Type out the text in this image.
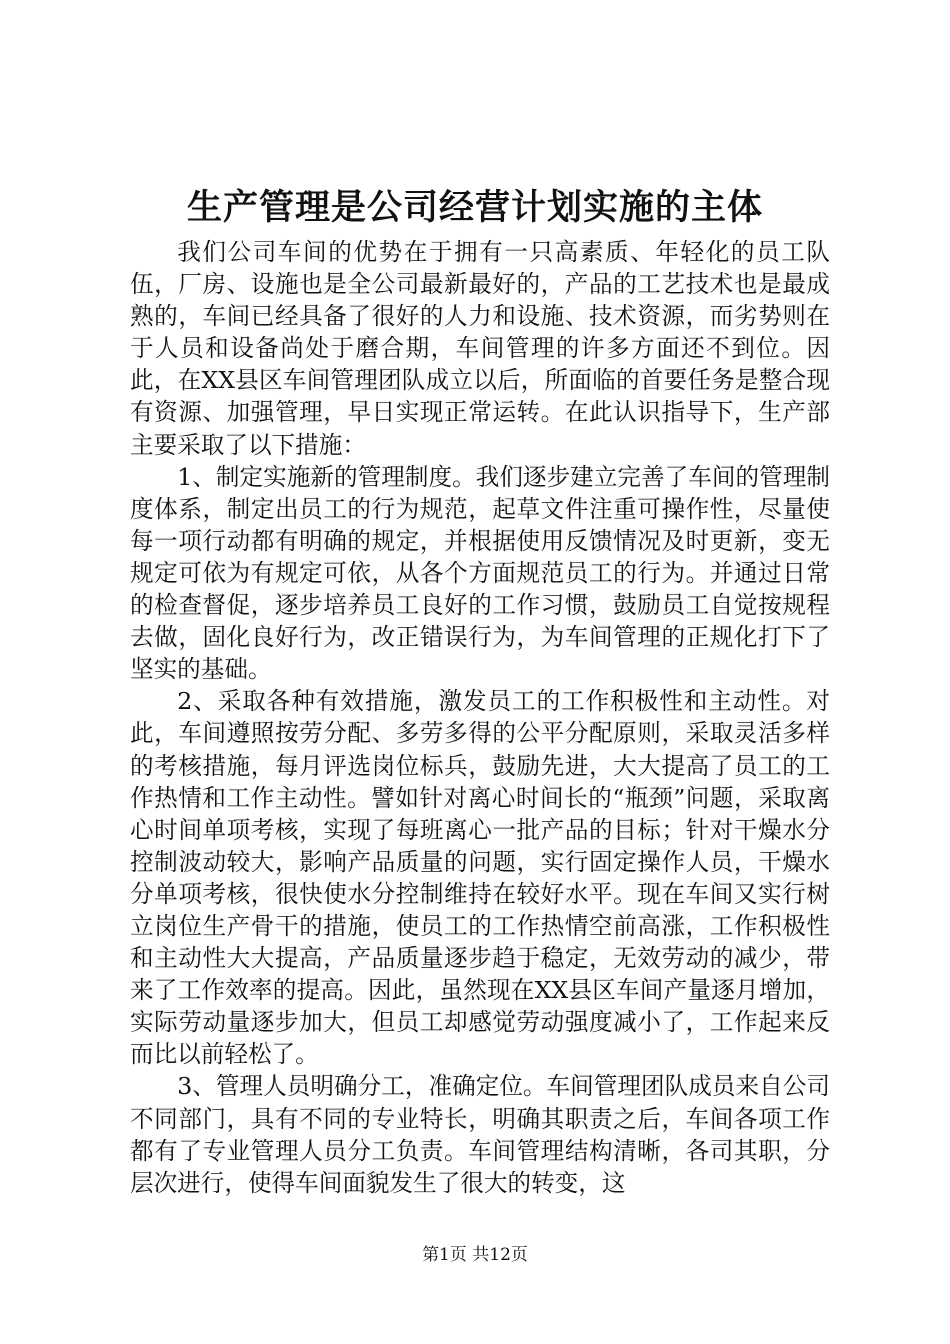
生产管理是公司经营计划实施的主体

我们公司车间的优势在于拥有一只高素质、年轻化的员工队伍，厂房、设施也是全公司最新最好的，产品的工艺技术也是最成熟的，车间已经具备了很好的人力和设施、技术资源，而劣势则在于人员和设备尚处于磨合期，车间管理的许多方面还不到位。因此，在XX县区车间管理团队成立以后，所面临的首要任务是整合现有资源、加强管理，早日实现正常运转。在此认识指导下，生产部主要采取了以下措施：

1、制定实施新的管理制度。我们逐步建立完善了车间的管理制度体系，制定出员工的行为规范，起草文件注重可操作性，尽量使每一项行动都有明确的规定，并根据使用反馈情况及时更新，变无规定可依为有规定可依，从各个方面规范员工的行为。并通过日常的检查督促，逐步培养员工良好的工作习惯，鼓励员工自觉按规程去做，固化良好行为，改正错误行为，为车间管理的正规化打下了坚实的基础。

2、采取各种有效措施，激发员工的工作积极性和主动性。对此，车间遵照按劳分配、多劳多得的公平分配原则，采取灵活多样的考核措施，每月评选岗位标兵，鼓励先进，大大提高了员工的工作热情和工作主动性。譬如针对离心时间长的“瓶颈”问题，采取离心时间单项考核，实现了每班离心一批产品的目标；针对干燥水分控制波动较大，影响产品质量的问题，实行固定操作人员，干燥水分单项考核，很快使水分控制维持在较好水平。现在车间又实行树立岗位生产骨干的措施，使员工的工作热情空前高涨，工作积极性和主动性大大提高，产品质量逐步趋于稳定，无效劳动的减少，带来了工作效率的提高。因此，虽然现在XX县区车间产量逐月增加，实际劳动量逐步加大，但员工却感觉劳动强度减小了，工作起来反而比以前轻松了。

3、管理人员明确分工，准确定位。车间管理团队成员来自公司不同部门，具有不同的专业特长，明确其职责之后，车间各项工作都有了专业管理人员分工负责。车间管理结构清晰，各司其职，分层次进行，使得车间面貌发生了很大的转变，这

第1页 共12页
